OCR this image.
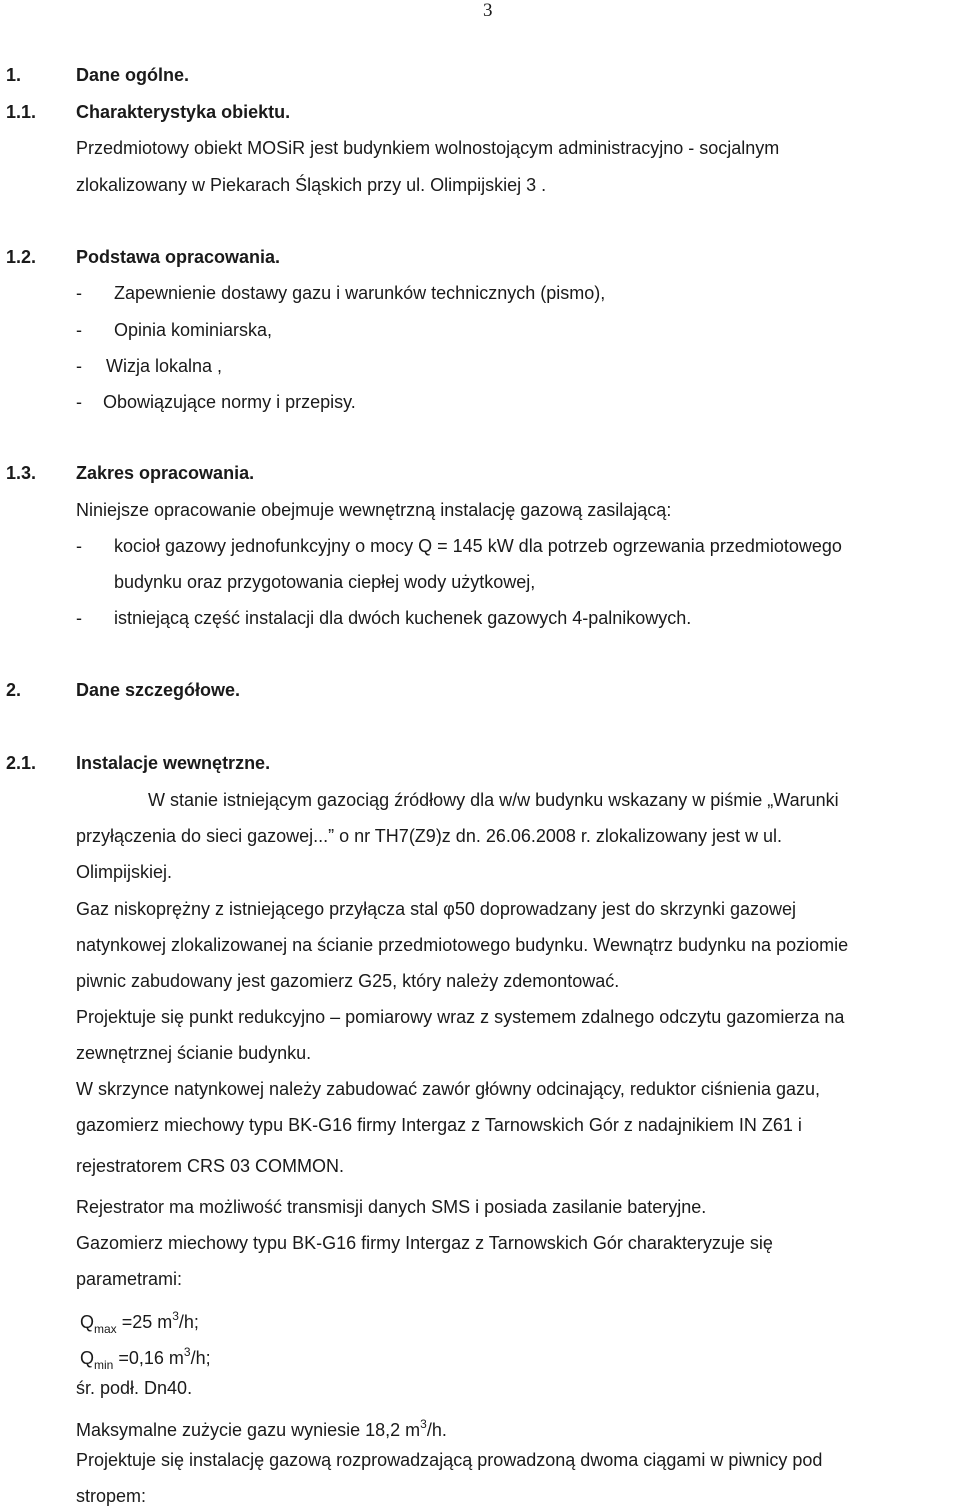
3
1.	Dane ogólne.
1.1. Charakterystyka obiektu.
Przedmiotowy obiekt MOSiR jest budynkiem wolnostojącym administracyjno - socjalnym
zlokalizowany w Piekarach Śląskich przy ul. Olimpijskiej 3 .
1.2. Podstawa opracowania.
- Zapewnienie dostawy gazu i warunków technicznych (pismo),
- Opinia kominiarska,
- Wizja lokalna ,
- Obowiązujące normy i przepisy.
1.3. Zakres opracowania.
Niniejsze opracowanie obejmuje wewnętrzną instalację gazową zasilającą:
- kocioł gazowy jednofunkcyjny o mocy Q = 145 kW dla potrzeb ogrzewania przedmiotowego
budynku oraz przygotowania ciepłej wody użytkowej,
- istniejącą część instalacji dla dwóch kuchenek gazowych 4-palnikowych.
2.	Dane szczegółowe.
2.1. Instalacje wewnętrzne.
W stanie istniejącym gazociąg źródłowy dla w/w budynku wskazany w piśmie „Warunki
przyłączenia do sieci gazowej...” o nr TH7(Z9)z dn. 26.06.2008 r. zlokalizowany jest w ul.
Olimpijskiej.
Gaz niskoprężny z istniejącego przyłącza stal φ50 doprowadzany jest do skrzynki gazowej
natynkowej zlokalizowanej na ścianie przedmiotowego budynku. Wewnątrz budynku na poziomie
piwnic zabudowany jest gazomierz G25, który należy zdemontować.
Projektuje się punkt redukcyjno – pomiarowy wraz z systemem zdalnego odczytu gazomierza na
zewnętrznej ścianie budynku.
W skrzynce natynkowej należy zabudować zawór główny odcinający, reduktor ciśnienia gazu,
gazomierz miechowy typu BK-G16 firmy Intergaz z Tarnowskich Gór z nadajnikiem IN Z61 i
rejestratorem CRS 03 COMMON.
Rejestrator ma możliwość transmisji danych SMS i posiada zasilanie bateryjne.
Gazomierz miechowy typu BK-G16 firmy Intergaz z Tarnowskich Gór charakteryzuje się
parametrami:
$Q_{max} =25$ $m^3/h$;
$Q_{min} =0,16$ $m^3/h$;
śr. podł. Dn40.
Maksymalne zużycie gazu wyniesie 18,2 $m^3/h$.
Projektuje się instalację gazową rozprowadzającą prowadzoną dwoma ciągami w piwnicy pod
stropem:
